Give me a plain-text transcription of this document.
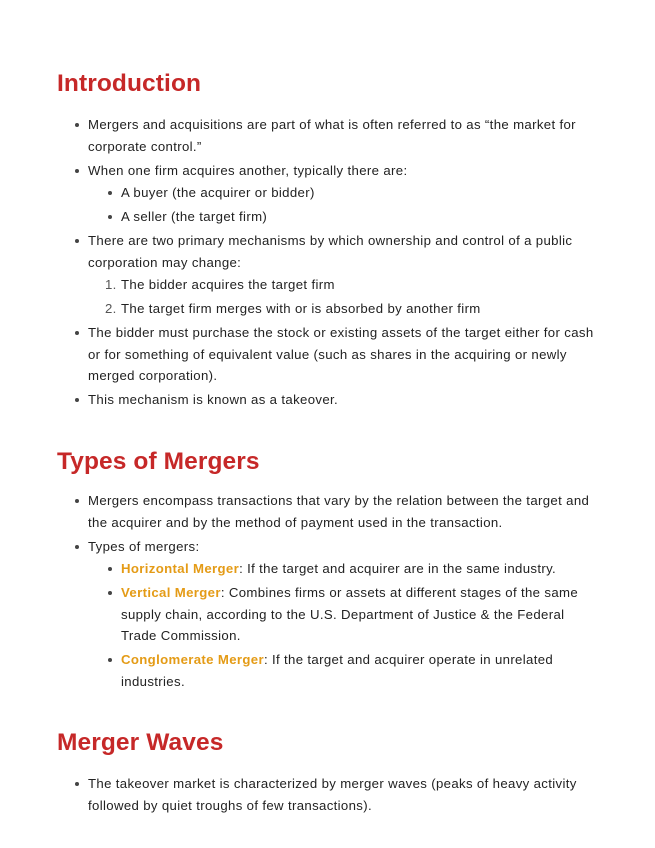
Introduction
Mergers and acquisitions are part of what is often referred to as “the market for corporate control.”
When one firm acquires another, typically there are:
A buyer (the acquirer or bidder)
A seller (the target firm)
There are two primary mechanisms by which ownership and control of a public corporation may change:
1. The bidder acquires the target firm
2. The target firm merges with or is absorbed by another firm
The bidder must purchase the stock or existing assets of the target either for cash or for something of equivalent value (such as shares in the acquiring or newly merged corporation).
This mechanism is known as a takeover.
Types of Mergers
Mergers encompass transactions that vary by the relation between the target and the acquirer and by the method of payment used in the transaction.
Types of mergers:
Horizontal Merger: If the target and acquirer are in the same industry.
Vertical Merger: Combines firms or assets at different stages of the same supply chain, according to the U.S. Department of Justice & the Federal Trade Commission.
Conglomerate Merger: If the target and acquirer operate in unrelated industries.
Merger Waves
The takeover market is characterized by merger waves (peaks of heavy activity followed by quiet troughs of few transactions).
